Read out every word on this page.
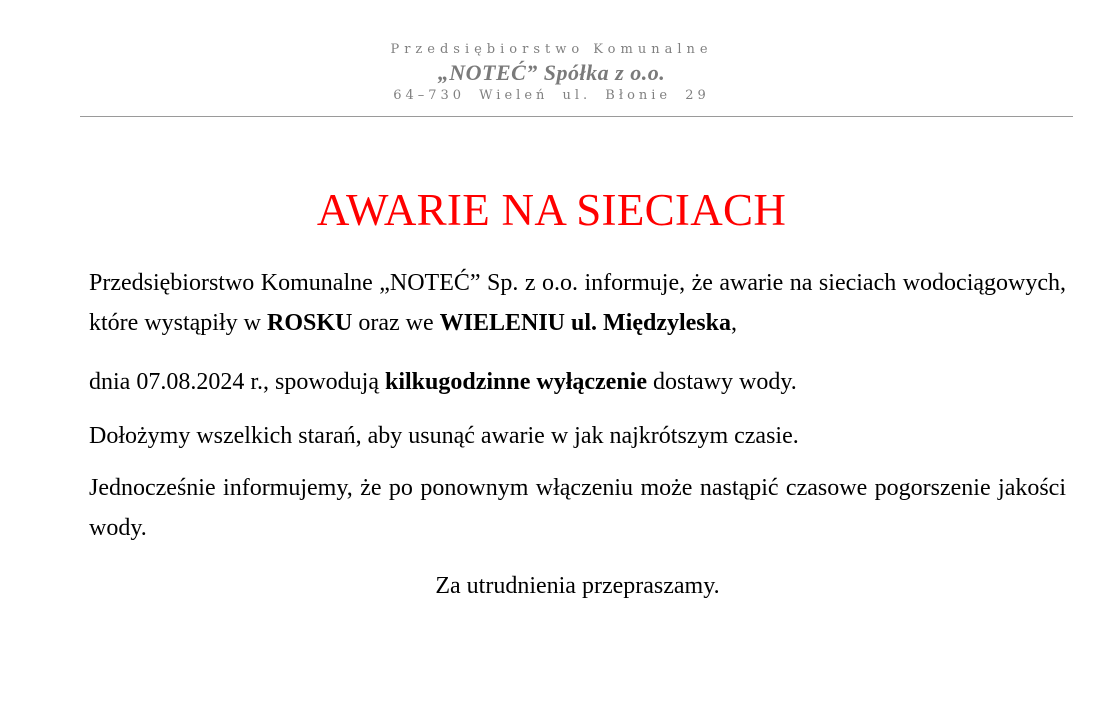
Przedsiębiorstwo Komunalne
„NOTEĆ” Spółka z o.o.
64–730 Wieleń ul. Błonie 29
AWARIE NA SIECIACH
Przedsiębiorstwo Komunalne „NOTEĆ” Sp. z o.o. informuje, że awarie na sieciach wodociągowych, które wystąpiły w ROSKU oraz we WIELENIU ul. Międzyleska,
dnia 07.08.2024 r., spowodują kilkugodzinne wyłączenie dostawy wody.
Dołożymy wszelkich starań, aby usunąć awarie w jak najkrótszym czasie.
Jednocześnie informujemy, że po ponownym włączeniu może nastąpić czasowe pogorszenie jakości wody.
Za utrudnienia przepraszamy.
